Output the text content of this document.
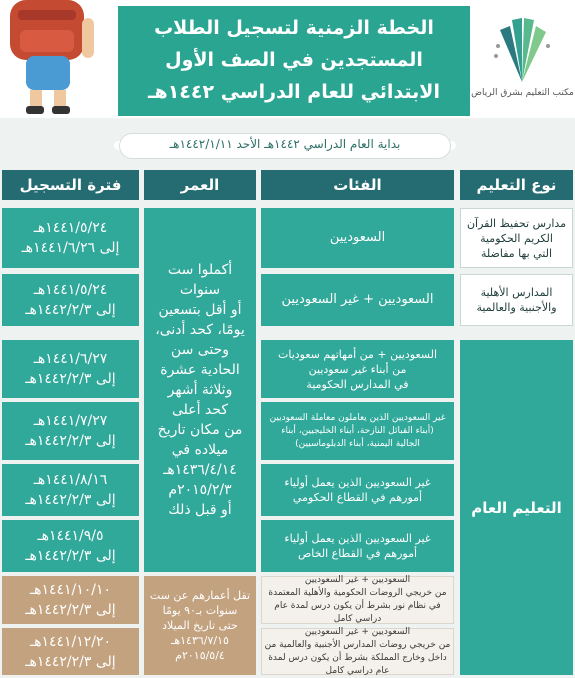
الخطة الزمنية لتسجيل الطلاب
المستجدين في الصف الأول
الابتدائي للعام الدراسي ١٤٤٢هـ	مكتب التعليم بشرق الرياض
بداية العام الدراسي ١٤٤٢هـ الأحد ١٤٤٢/١/١١هـ
نوع التعليم
الفئات
العمر
فترة التسجيل
مدارس تحفيظ القرآن
الكريم الحكومية
التي بها مفاضلة
المدارس الأهلية
والأجنبية والعالمية
التعليم العام
السعوديين
السعوديين + غير السعوديين
السعوديين + من أمهاتهم سعوديات
من أبناء غير سعوديين
في المدارس الحكومية
غير السعوديين الذين يعاملون معاملة السعوديين
(أبناء القبائل النازحة، أبناء الخليجيين، أبناء
الجالية اليمنية، أبناء الدبلوماسيين)
غير السعوديين الذين يعمل أولياء
أمورهم في القطاع الحكومي
غير السعوديين الذين يعمل أولياء
أمورهم في القطاع الخاص
السعوديين + غير السعوديين
من خريجي الروضات الحكومية والأهلية المعتمدة
في نظام نور بشرط أن يكون درس لمدة عام دراسي كامل
السعوديين + غير السعوديين
من خريجي روضات المدارس الأجنبية والعالمية من
داخل وخارج المملكة بشرط أن يكون درس لمدة عام دراسي كامل
أكملوا ست
سنوات
أو أقل بتسعين
يومًا، كحد أدنى،
وحتى سن
الحادية عشرة
وثلاثة أشهر
كحد أعلى
من مكان تاريخ
ميلاده في
١٤٣٦/٤/١٤هـ
٢٠١٥/٢/٣م
أو قبل ذلك
تقل أعمارهم عن ست
سنوات بـ٩٠ يومًا
حتى تاريخ الميلاد
١٤٣٦/٧/١٥هـ
٢٠١٥/٥/٤م
١٤٤١/٥/٢٤هـ
إلى ١٤٤١/٦/٢٦هـ
١٤٤١/٥/٢٤هـ
إلى ١٤٤٢/٢/٣هـ
١٤٤١/٦/٢٧هـ
إلى ١٤٤٢/٢/٣هـ
١٤٤١/٧/٢٧هـ
إلى ١٤٤٢/٢/٣هـ
١٤٤١/٨/١٦هـ
إلى ١٤٤٢/٢/٣هـ
١٤٤١/٩/٥هـ
إلى ١٤٤٢/٢/٣هـ
١٤٤١/١٠/١٠هـ
إلى ١٤٤٢/٢/٣هـ
١٤٤١/١٢/٢٠هـ
إلى ١٤٤٢/٢/٣هـ
